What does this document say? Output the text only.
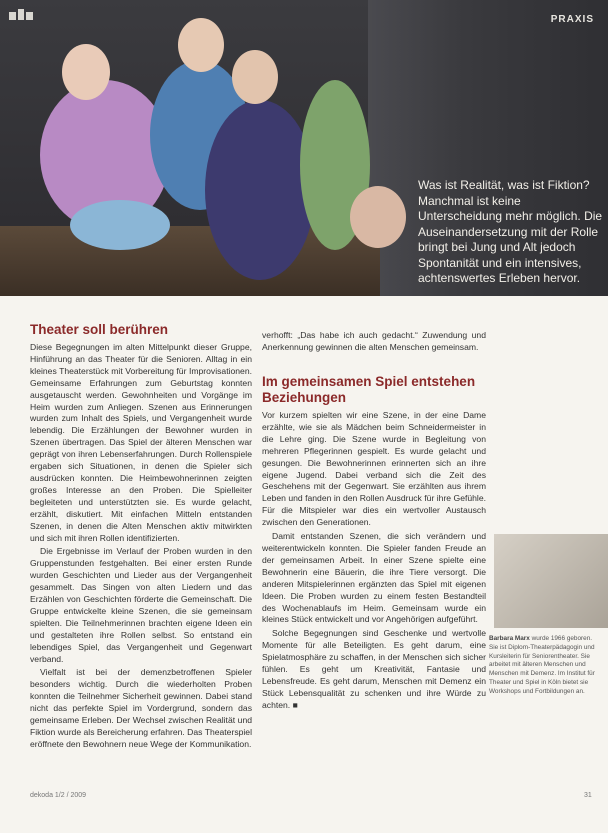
PRAXIS
Was ist Realität, was ist Fiktion? Manchmal ist keine Unterscheidung mehr möglich. Die Auseinandersetzung mit der Rolle bringt bei Jung und Alt jedoch Spontanität und ein intensives, achtenswertes Erleben hervor.
Theater soll berühren

Diese Begegnungen im alten Mittelpunkt dieser Gruppe, Hinführung an das Theater für die Senioren. Alltag in ein kleines Theaterstück mit Vorbereitung für Improvisationen. Gemeinsame Erfahrungen zum Geburtstag konnten ausgetauscht werden. Gewohnheiten und Vorgänge im Heim wurden zum Anliegen. Szenen aus Erinnerungen wurden zum Inhalt des Spiels, und Vergangenheit wurde lebendig. Die Erzählungen der Bewohner wurden in Szenen übertragen. Das Spiel der älteren Menschen war geprägt von ihren Lebenserfahrungen. Durch Rollenspiele ergaben sich Situationen, in denen die Spieler sich ausdrücken konnten. Die Heimbewohnerinnen zeigten großes Interesse an den Proben. Die Spielleiter begleiteten und unterstützten sie. Es wurde gelacht, erzählt, diskutiert. Mit einfachen Mitteln entstanden Szenen, in denen die Alten Menschen aktiv mitwirkten und sich mit ihren Rollen identifizierten.

Die Ergebnisse im Verlauf der Proben wurden in den Gruppenstunden festgehalten. Bei einer ersten Runde wurden Geschichten und Lieder aus der Vergangenheit gesammelt. Das Singen von alten Liedern und das Erzählen von Geschichten förderte die Gemeinschaft. Die Gruppe entwickelte kleine Szenen, die sie gemeinsam spielten. Die Teilnehmerinnen brachten eigene Ideen ein und gestalteten ihre Rollen selbst. So entstand ein lebendiges Spiel, das Vergangenheit und Gegenwart verband.

Vielfalt ist bei der demenzbetroffenen Spieler besonders wichtig. Durch die wiederholten Proben konnten die Teilnehmer Sicherheit gewinnen. Dabei stand nicht das perfekte Spiel im Vordergrund, sondern das gemeinsame Erleben. Der Wechsel zwischen Realität und Fiktion wurde als Bereicherung erfahren. Das Theaterspiel eröffnete den Bewohnern neue Wege der Kommunikation.

verhofft: „Das habe ich auch gedacht.“ Zuwendung und Anerkennung gewinnen die alten Menschen gemeinsam.
Im gemeinsamen Spiel entstehen Beziehungen

Vor kurzem spielten wir eine Szene, in der eine Dame erzählte, wie sie als Mädchen beim Schneidermeister in die Lehre ging. Die Szene wurde in Begleitung von mehreren Pflegerinnen gespielt. Es wurde gelacht und gesungen. Die Bewohnerinnen erinnerten sich an ihre eigene Jugend. Dabei verband sich die Zeit des Geschehens mit der Gegenwart. Sie erzählten aus ihrem Leben und fanden in den Rollen Ausdruck für ihre Gefühle. Für die Mitspieler war dies ein wertvoller Austausch zwischen den Generationen.

Damit entstanden Szenen, die sich verändern und weiterentwickeln konnten. Die Spieler fanden Freude an der gemeinsamen Arbeit. In einer Szene spielte eine Bewohnerin eine Bäuerin, die ihre Tiere versorgt. Die anderen Mitspielerinnen ergänzten das Spiel mit eigenen Ideen. Die Proben wurden zu einem festen Bestandteil des Wochenablaufs im Heim. Gemeinsam wurde ein kleines Stück entwickelt und vor Angehörigen aufgeführt.

Solche Begegnungen sind Geschenke und wertvolle Momente für alle Beteiligten. Es geht darum, eine Spielatmosphäre zu schaffen, in der Menschen sich sicher fühlen. Es geht um Kreativität, Fantasie und Lebensfreude. Es geht darum, Menschen mit Demenz ein Stück Lebensqualität zu schenken und ihre Würde zu achten. ■

Barbara Marx wurde 1966 geboren. Sie ist Diplom-Theaterpädagogin und Kursleiterin für Seniorentheater. Sie arbeitet mit älteren Menschen und Menschen mit Demenz. Im Institut für Theater und Spiel in Köln bietet sie Workshops und Fortbildungen an.
dekoda 1/2 / 2009	31
